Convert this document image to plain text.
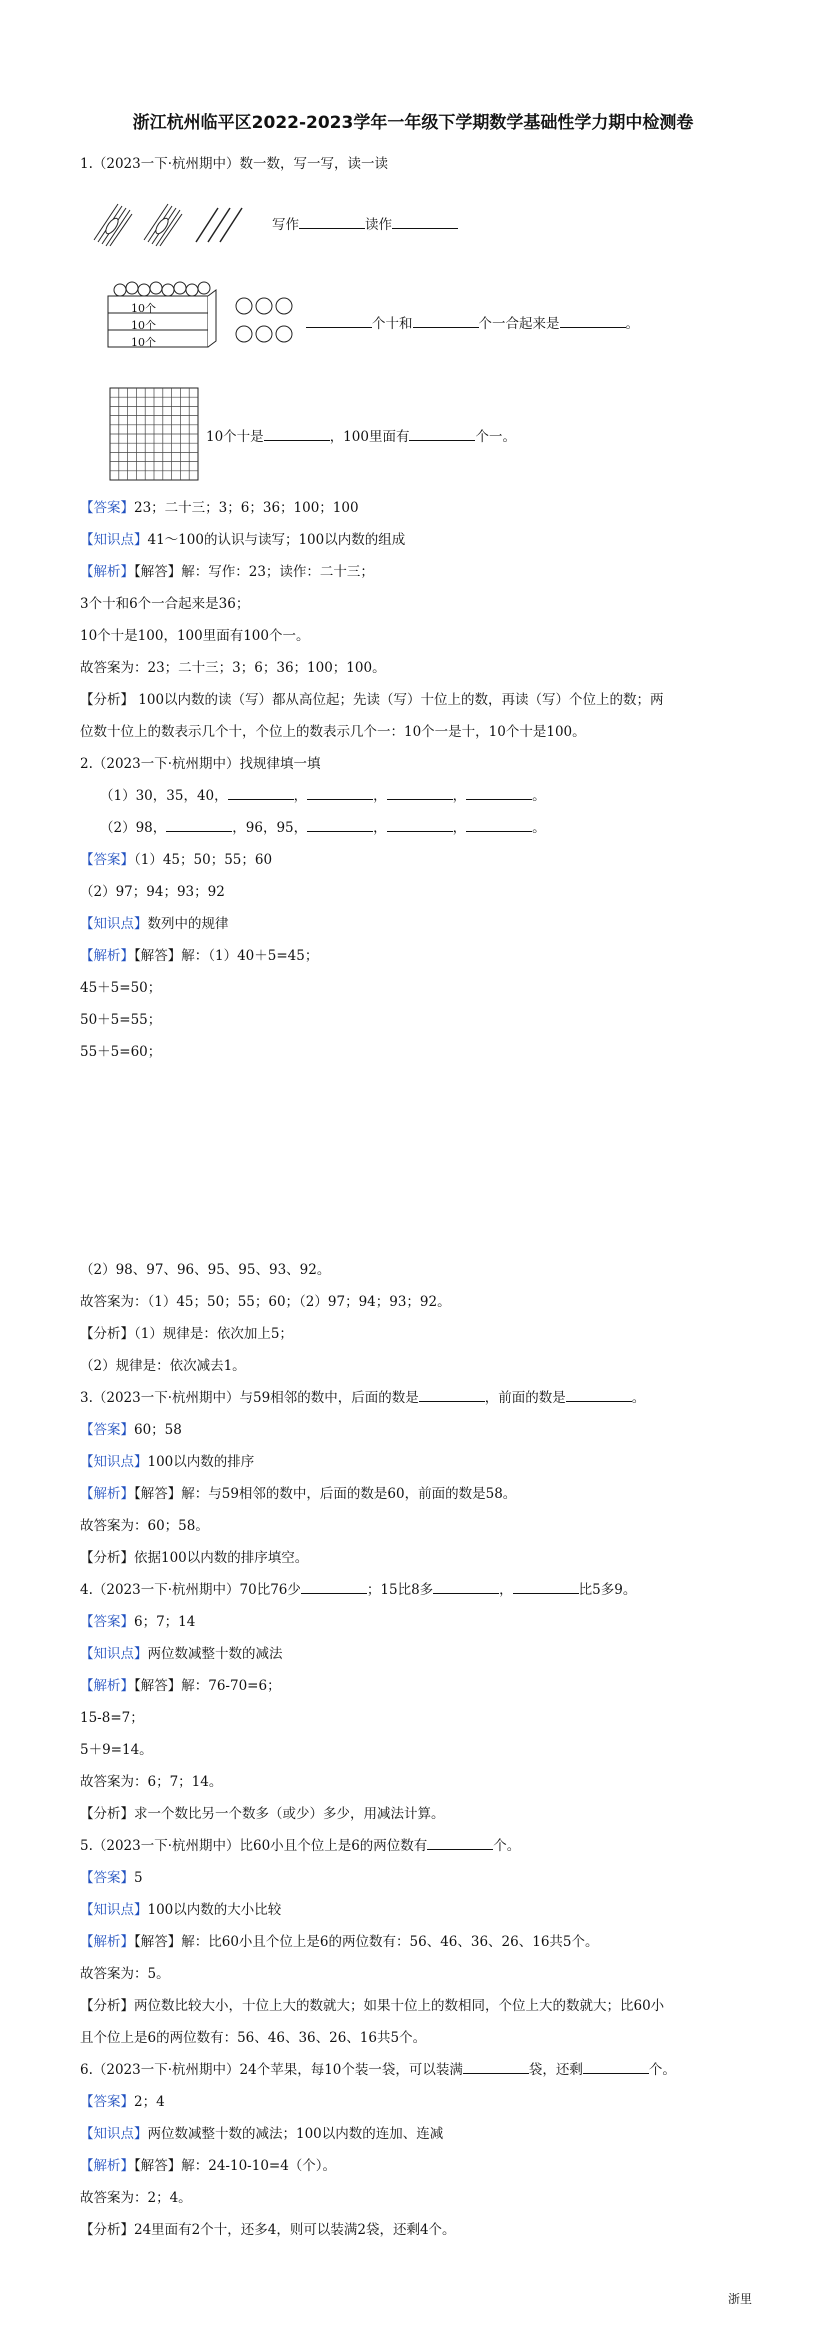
浙江杭州临平区2022-2023学年一年级下学期数学基础性学力期中检测卷
1.（2023一下·杭州期中）数一数，写一写，读一读
写作	读作
10个
10个
10个
个十和	个一合起来是	。
10个十是	，100里面有	个一。
【答案】23；二十三；3；6；36；100；100
【知识点】41～100的认识与读写；100以内数的组成
【解析】【解答】解：写作：23；读作：二十三；
3个十和6个一合起来是36；
10个十是100，100里面有100个一。
故答案为：23；二十三；3；6；36；100；100。
【分析】 100以内数的读（写）都从高位起；先读（写）十位上的数，再读（写）个位上的数；两
位数十位上的数表示几个十，个位上的数表示几个一：10个一是十，10个十是100。
2.（2023一下·杭州期中）找规律填一填
（1）30，35，40，	，	，	，	。
（2）98，	，96，95，	，	，	。
【答案】（1）45；50；55；60
（2）97；94；93；92
【知识点】数列中的规律
【解析】【解答】解：（1）40＋5=45；
45＋5=50；
50＋5=55；
55＋5=60；
（2）98、97、96、95、95、93、92。
故答案为：（1）45；50；55；60；（2）97；94；93；92。
【分析】（1）规律是：依次加上5；
（2）规律是：依次减去1。
3.（2023一下·杭州期中）与59相邻的数中，后面的数是	，前面的数是	。
【答案】60；58
【知识点】100以内数的排序
【解析】【解答】解：与59相邻的数中，后面的数是60，前面的数是58。
故答案为：60；58。
【分析】依据100以内数的排序填空。
4.（2023一下·杭州期中）70比76少	；15比8多	，	比5多9。
【答案】6；7；14
【知识点】两位数减整十数的减法
【解析】【解答】解：76-70=6；
15-8=7；
5＋9=14。
故答案为：6；7；14。
【分析】求一个数比另一个数多（或少）多少，用减法计算。
5.（2023一下·杭州期中）比60小且个位上是6的两位数有	个。
【答案】5
【知识点】100以内数的大小比较
【解析】【解答】解：比60小且个位上是6的两位数有：56、46、36、26、16共5个。
故答案为：5。
【分析】两位数比较大小，十位上大的数就大；如果十位上的数相同，个位上大的数就大；比60小
且个位上是6的两位数有：56、46、36、26、16共5个。
6.（2023一下·杭州期中）24个苹果，每10个装一袋，可以装满	袋，还剩	个。
【答案】2；4
【知识点】两位数减整十数的减法；100以内数的连加、连减
【解析】【解答】解：24-10-10=4（个）。
故答案为：2；4。
【分析】24里面有2个十，还多4，则可以装满2袋，还剩4个。
浙里
